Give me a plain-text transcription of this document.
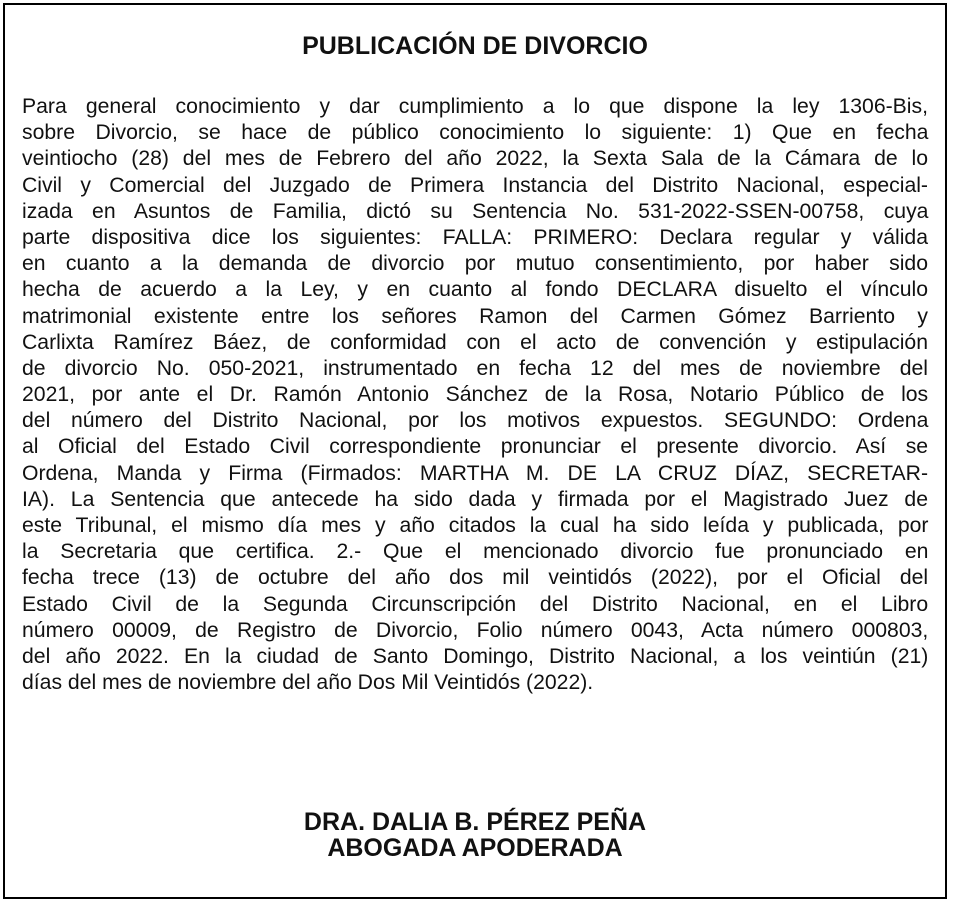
PUBLICACIÓN DE DIVORCIO
Para general conocimiento y dar cumplimiento a lo que dispone la ley 1306-Bis,
sobre Divorcio, se hace de público conocimiento lo siguiente: 1) Que en fecha
veintiocho (28) del mes de Febrero del año 2022, la Sexta Sala de la Cámara de lo
Civil y Comercial del Juzgado de Primera Instancia del Distrito Nacional, especial-
izada en Asuntos de Familia, dictó su Sentencia No. 531-2022-SSEN-00758, cuya
parte dispositiva dice los siguientes: FALLA: PRIMERO: Declara regular y válida
en cuanto a la demanda de divorcio por mutuo consentimiento, por haber sido
hecha de acuerdo a la Ley, y en cuanto al fondo DECLARA disuelto el vínculo
matrimonial existente entre los señores Ramon del Carmen Gómez Barriento y
Carlixta Ramírez Báez, de conformidad con el acto de convención y estipulación
de divorcio No. 050-2021, instrumentado en fecha 12 del mes de noviembre del
2021, por ante el Dr. Ramón Antonio Sánchez de la Rosa, Notario Público de los
del número del Distrito Nacional, por los motivos expuestos. SEGUNDO: Ordena
al Oficial del Estado Civil correspondiente pronunciar el presente divorcio. Así se
Ordena, Manda y Firma (Firmados: MARTHA M. DE LA CRUZ DÍAZ, SECRETAR-
IA). La Sentencia que antecede ha sido dada y firmada por el Magistrado Juez de
este Tribunal, el mismo día mes y año citados la cual ha sido leída y publicada, por
la Secretaria que certifica. 2.- Que el mencionado divorcio fue pronunciado en
fecha trece (13) de octubre del año dos mil veintidós (2022), por el Oficial del
Estado Civil de la Segunda Circunscripción del Distrito Nacional, en el Libro
número 00009, de Registro de Divorcio, Folio número 0043, Acta número 000803,
del año 2022. En la ciudad de Santo Domingo, Distrito Nacional, a los veintiún (21)
días del mes de noviembre del año Dos Mil Veintidós (2022).
DRA. DALIA B. PÉREZ PEÑA
ABOGADA APODERADA
